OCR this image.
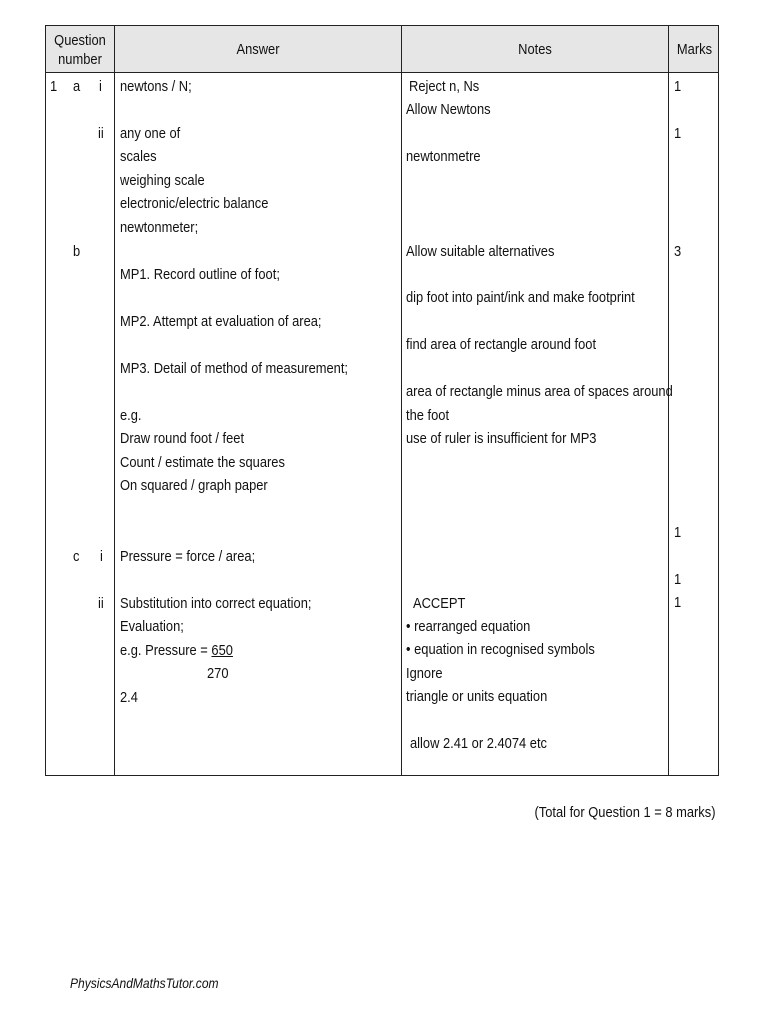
Question number
Answer	Notes	Marks
1 a i
ii
b
c i
ii
newtons / N;
any one of
scales
weighing scale
electronic/electric balance
newtonmeter;
MP1. Record outline of foot;
MP2. Attempt at evaluation of area;
MP3. Detail of method of measurement;
e.g.
Draw round foot / feet
Count / estimate the squares
On squared / graph paper
Pressure = force / area;
Substitution into correct equation;
Evaluation;
e.g. Pressure = 650
270
2.4
Reject n, Ns
Allow Newtons
newtonmetre
Allow suitable alternatives
dip foot into paint/ink and make footprint
find area of rectangle around foot
area of rectangle minus area of spaces around
the foot
use of ruler is insufficient for MP3
ACCEPT
• rearranged equation
• equation in recognised symbols
Ignore
triangle or units equation
allow 2.41 or 2.4074 etc
1
1
3
1
1
1
(Total for Question 1 = 8 marks)
PhysicsAndMathsTutor.com
